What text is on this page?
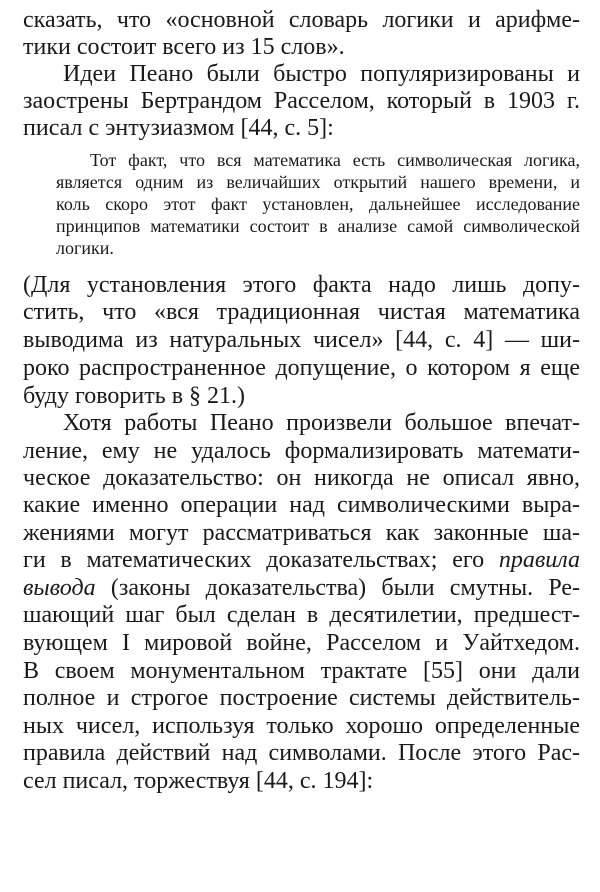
сказать, что «основной словарь логики и арифме-
тики состоит всего из 15 слов».
Идеи Пеано были быстро популяризированы и
заострены Бертрандом Расселом, который в 1903 г.
писал с энтузиазмом [44, с. 5]:
Тот факт, что вся математика есть символическая логика,
является одним из величайших открытий нашего времени, и
коль скоро этот факт установлен, дальнейшее исследование
принципов математики состоит в анализе самой символической
логики.
(Для установления этого факта надо лишь допу-
стить, что «вся традиционная чистая математика
выводима из натуральных чисел» [44, с. 4] — ши-
роко распространенное допущение, о котором я еще
буду говорить в § 21.)
Хотя работы Пеано произвели большое впечат-
ление, ему не удалось формализировать математи-
ческое доказательство: он никогда не описал явно,
какие именно операции над символическими выра-
жениями могут рассматриваться как законные ша-
ги в математических доказательствах; его правила
вывода (законы доказательства) были смутны. Ре-
шающий шаг был сделан в десятилетии, предшест-
вующем I мировой войне, Расселом и Уайтхедом.
В своем монументальном трактате [55] они дали
полное и строгое построение системы действитель-
ных чисел, используя только хорошо определенные
правила действий над символами. После этого Рас-
сел писал, торжествуя [44, с. 194]:
